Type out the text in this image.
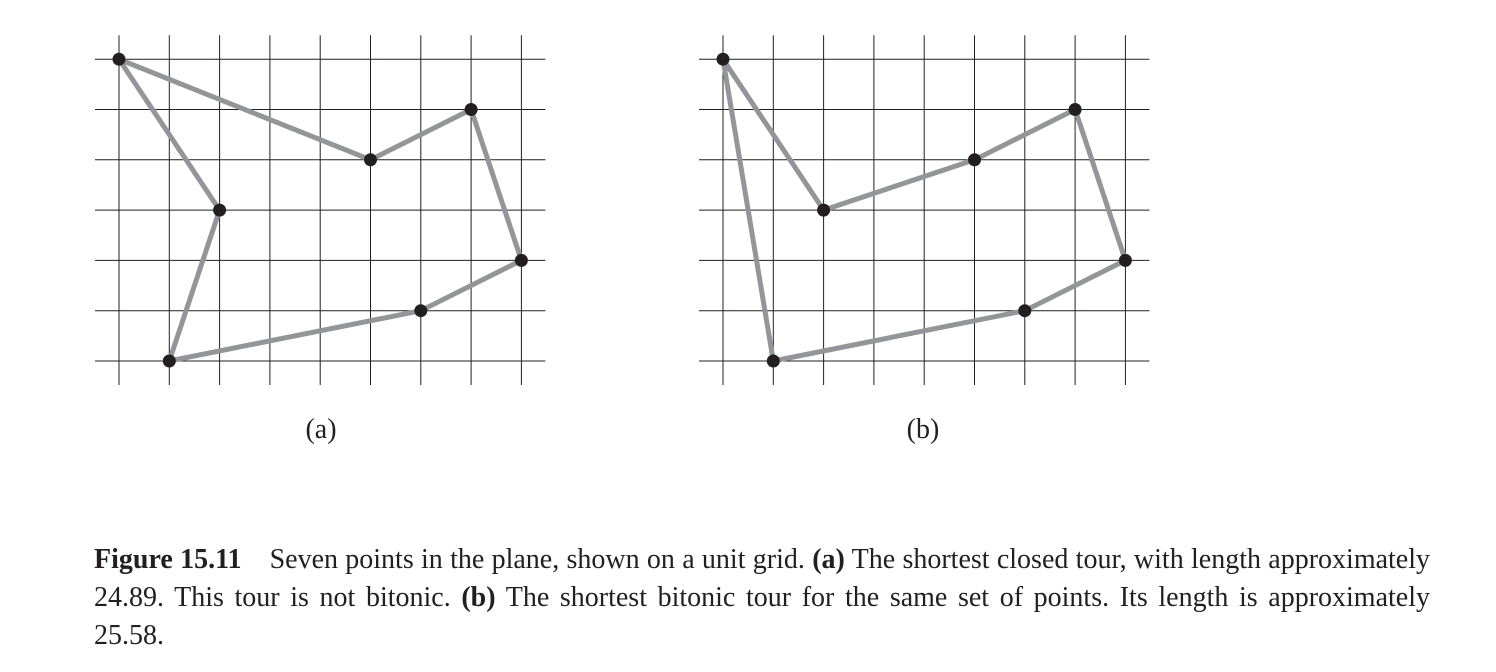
(a)	(b)
Figure 15.11 Seven points in the plane, shown on a unit grid. (a) The shortest closed tour, with length approximately 24.89. This tour is not bitonic. (b) The shortest bitonic tour for the same set of points. Its length is approximately 25.58.
